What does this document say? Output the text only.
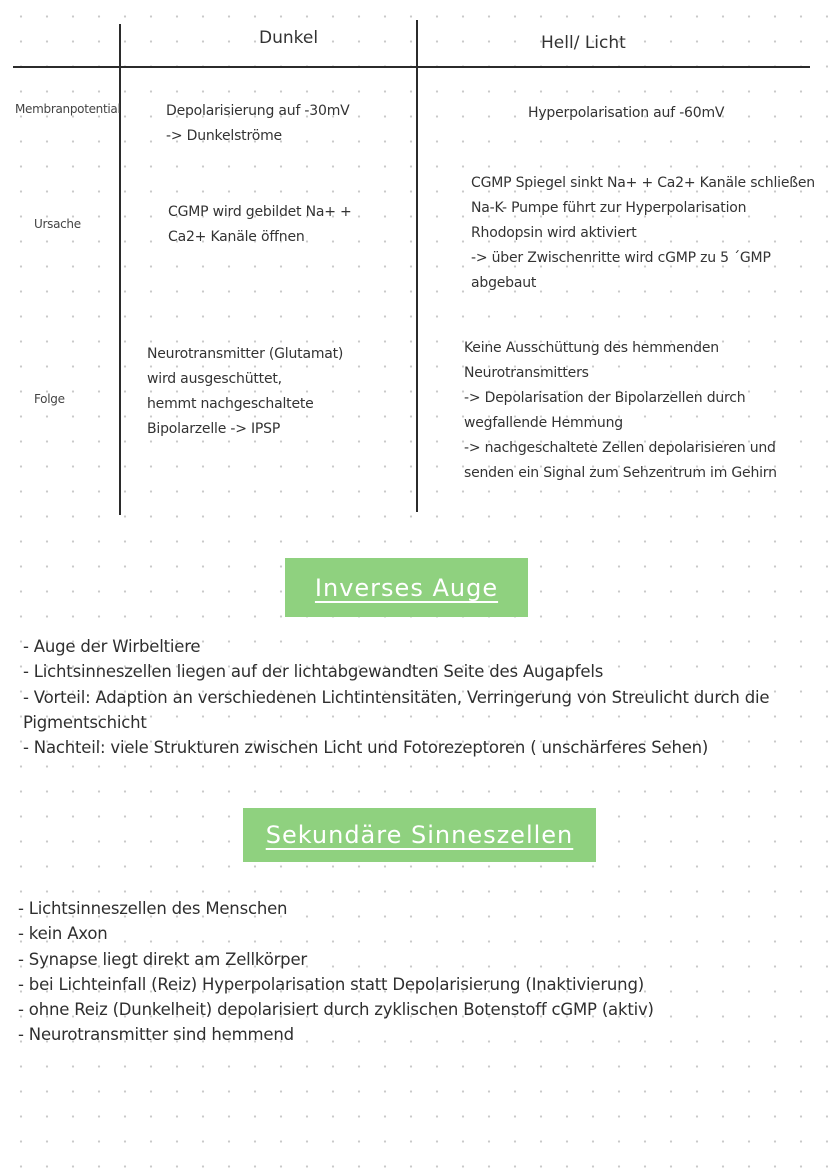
Dunkel	Hell/ Licht
Membranpotential	Depolarisierung auf -30mV
-> Dunkelströme
Hyperpolarisation auf -60mV
Ursache
CGMP wird gebildet Na+ +
Ca2+ Kanäle öffnen
CGMP Spiegel sinkt Na+ + Ca2+ Kanäle schließen
Na-K- Pumpe führt zur Hyperpolarisation
Rhodopsin wird aktiviert
-> über Zwischenritte wird cGMP zu 5 ´GMP
abgebaut
Folge
Neurotransmitter (Glutamat)
wird ausgeschüttet,
hemmt nachgeschaltete
Bipolarzelle -> IPSP
Keine Ausschüttung des hemmenden
Neurotransmitters
-> Depolarisation der Bipolarzellen durch
wegfallende Hemmung
-> nachgeschaltete Zellen depolarisieren und
senden ein Signal zum Sehzentrum im Gehirn
Inverses Auge
- Auge der Wirbeltiere
- Lichtsinneszellen liegen auf der lichtabgewandten Seite des Augapfels
- Vorteil: Adaption an verschiedenen Lichtintensitäten, Verringerung von Streulicht durch die
Pigmentschicht
- Nachteil: viele Strukturen zwischen Licht und Fotorezeptoren ( unschärferes Sehen)
Sekundäre Sinneszellen
- Lichtsinneszellen des Menschen
- kein Axon
- Synapse liegt direkt am Zellkörper
- bei Lichteinfall (Reiz) Hyperpolarisation statt Depolarisierung (Inaktivierung)
- ohne Reiz (Dunkelheit) depolarisiert durch zyklischen Botenstoff cGMP (aktiv)
- Neurotransmitter sind hemmend
